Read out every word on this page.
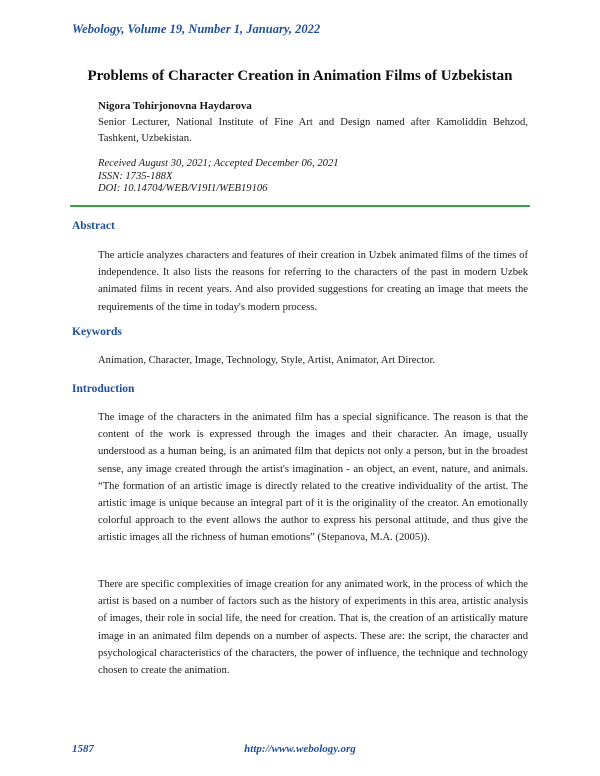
Webology, Volume 19, Number 1, January, 2022
Problems of Character Creation in Animation Films of Uzbekistan
Nigora Tohirjonovna Haydarova
Senior Lecturer, National Institute of Fine Art and Design named after Kamoliddin Behzod, Tashkent, Uzbekistan.
Received August 30, 2021; Accepted December 06, 2021
ISSN: 1735-188X
DOI: 10.14704/WEB/V19I1/WEB19106
Abstract

The article analyzes characters and features of their creation in Uzbek animated films of the times of independence. It also lists the reasons for referring to the characters of the past in modern Uzbek animated films in recent years. And also provided suggestions for creating an image that meets the requirements of the time in today's modern process.

Keywords

Animation, Character, Image, Technology, Style, Artist, Animator, Art Director.

Introduction

The image of the characters in the animated film has a special significance. The reason is that the content of the work is expressed through the images and their character. An image, usually understood as a human being, is an animated film that depicts not only a person, but in the broadest sense, any image created through the artist's imagination - an object, an event, nature, and animals. “The formation of an artistic image is directly related to the creative individuality of the artist. The artistic image is unique because an integral part of it is the originality of the creator. An emotionally colorful approach to the event allows the author to express his personal attitude, and thus give the artistic images all the richness of human emotions” (Stepanova, M.A. (2005)).

There are specific complexities of image creation for any animated work, in the process of which the artist is based on a number of factors such as the history of experiments in this area, artistic analysis of images, their role in social life, the need for creation. That is, the creation of an artistically mature image in an animated film depends on a number of aspects. These are: the script, the character and psychological characteristics of the characters, the power of influence, the technique and technology chosen to create the animation.

1587	http://www.webology.org
